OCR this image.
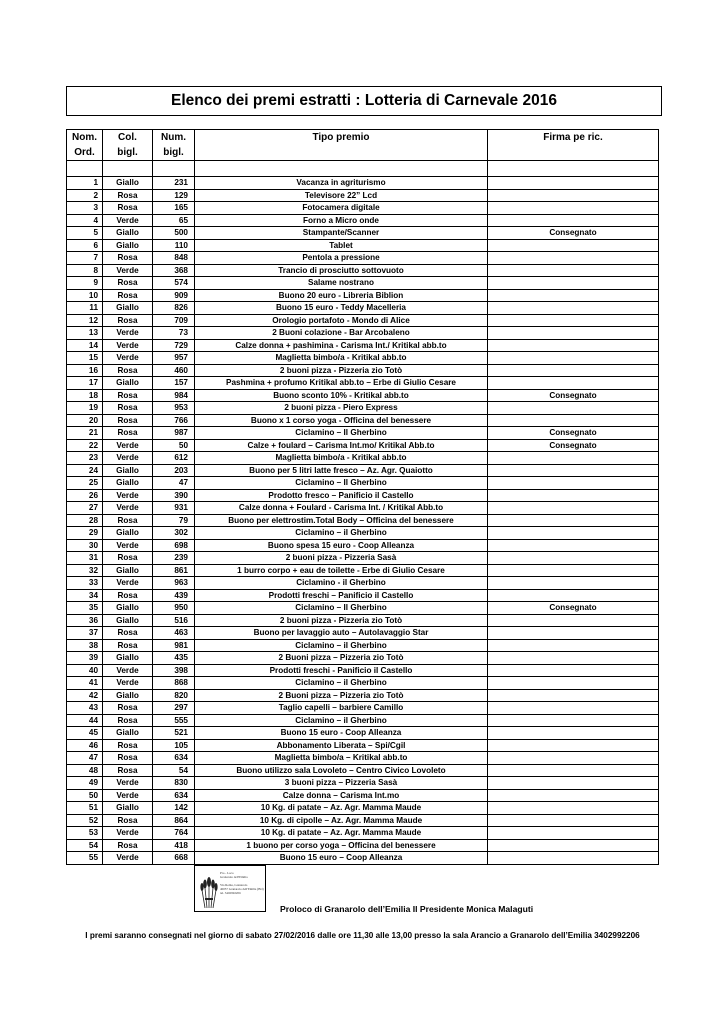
Elenco dei premi estratti : Lotteria di Carnevale 2016
Nom.	Col.	Num.	Tipo premio	Firma pe ric.
Ord.	bigl.	bigl.		

1	Giallo	231	Vacanza in agriturismo	
2	Rosa	129	Televisore 22” Lcd	
3	Rosa	165	Fotocamera digitale	
4	Verde	65	Forno a Micro onde	
5	Giallo	500	Stampante/Scanner	Consegnato
6	Giallo	110	Tablet	
7	Rosa	848	Pentola a pressione	
8	Verde	368	Trancio di prosciutto sottovuoto	
9	Rosa	574	Salame nostrano	
10	Rosa	909	Buono 20 euro - Libreria Biblion	
11	Giallo	826	Buono 15 euro - Teddy Macelleria	
12	Rosa	709	Orologio portafoto - Mondo di Alice	
13	Verde	73	2 Buoni colazione - Bar Arcobaleno	
14	Verde	729	Calze donna + pashimina - Carisma Int./ Kritikal abb.to	
15	Verde	957	Maglietta bimbo/a - Kritikal abb.to	
16	Rosa	460	2 buoni pizza - Pizzeria zio Totò	
17	Giallo	157	Pashmina + profumo Kritikal abb.to – Erbe di Giulio Cesare	
18	Rosa	984	Buono sconto 10% - Kritikal abb.to	Consegnato
19	Rosa	953	2 buoni pizza - Piero Express	
20	Rosa	766	Buono x 1 corso yoga - Officina del benessere	
21	Rosa	987	Ciclamino – Il Gherbino	Consegnato
22	Verde	50	Calze + foulard – Carisma Int.mo/ Kritikal Abb.to	Consegnato
23	Verde	612	Maglietta bimbo/a - Kritikal abb.to	
24	Giallo	203	Buono per 5 litri latte fresco – Az. Agr. Quaiotto	
25	Giallo	47	Ciclamino – Il Gherbino	
26	Verde	390	Prodotto fresco – Panificio il Castello	
27	Verde	931	Calze donna + Foulard - Carisma Int. / Kritikal Abb.to	
28	Rosa	79	Buono per elettrostim.Total Body – Officina del benessere	
29	Giallo	302	Ciclamino – il Gherbino	
30	Verde	698	Buono spesa 15 euro - Coop Alleanza	
31	Rosa	239	2 buoni pizza - Pizzeria Sasà	
32	Giallo	861	1 burro corpo + eau de toilette - Erbe di Giulio Cesare	
33	Verde	963	Ciclamino - il Gherbino	
34	Rosa	439	Prodotti freschi – Panificio il Castello	
35	Giallo	950	Ciclamino – Il Gherbino	Consegnato
36	Giallo	516	2 buoni pizza - Pizzeria zio Totò	
37	Rosa	463	Buono per lavaggio auto – Autolavaggio Star	
38	Rosa	981	Ciclamino – il Gherbino	
39	Giallo	435	2 Buoni pizza – Pizzeria zio Totò	
40	Verde	398	Prodotti freschi - Panificio il Castello	
41	Verde	868	Ciclamino – il Gherbino	
42	Giallo	820	2 Buoni pizza – Pizzeria zio Totò	
43	Rosa	297	Taglio capelli – barbiere Camillo	
44	Rosa	555	Ciclamino – il Gherbino	
45	Giallo	521	Buono 15 euro - Coop Alleanza	
46	Rosa	105	Abbonamento Liberata – Spi/Cgil	
47	Rosa	634	Maglietta bimbo/a – Kritikal abb.to	
48	Rosa	54	Buono utilizzo sala Lovoleto – Centro Civico Lovoleto	
49	Verde	830	3 buoni pizza – Pizzeria Sasà	
50	Verde	634	Calze donna – Carisma Int.mo	
51	Giallo	142	10 Kg. di patate – Az. Agr. Mamma Maude	
52	Rosa	864	10 Kg. di cipolle – Az. Agr. Mamma Maude	
53	Verde	764	10 Kg. di patate – Az. Agr. Mamma Maude	
54	Rosa	418	1 buono per corso yoga – Officina del benessere	
55	Verde	668	Buono 15 euro – Coop Alleanza	
Pro - Loco
Granarolo dell'Emilia

Via Roma, Granarolo
40057 Granarolo dell'Emilia (BO)
tel. 3402992206
Proloco di Granarolo dell’Emilia Il Presidente Monica Malaguti
I premi saranno consegnati nel giorno di sabato 27/02/2016 dalle ore 11,30 alle 13,00 presso la sala Arancio a Granarolo dell’Emilia 3402992206
